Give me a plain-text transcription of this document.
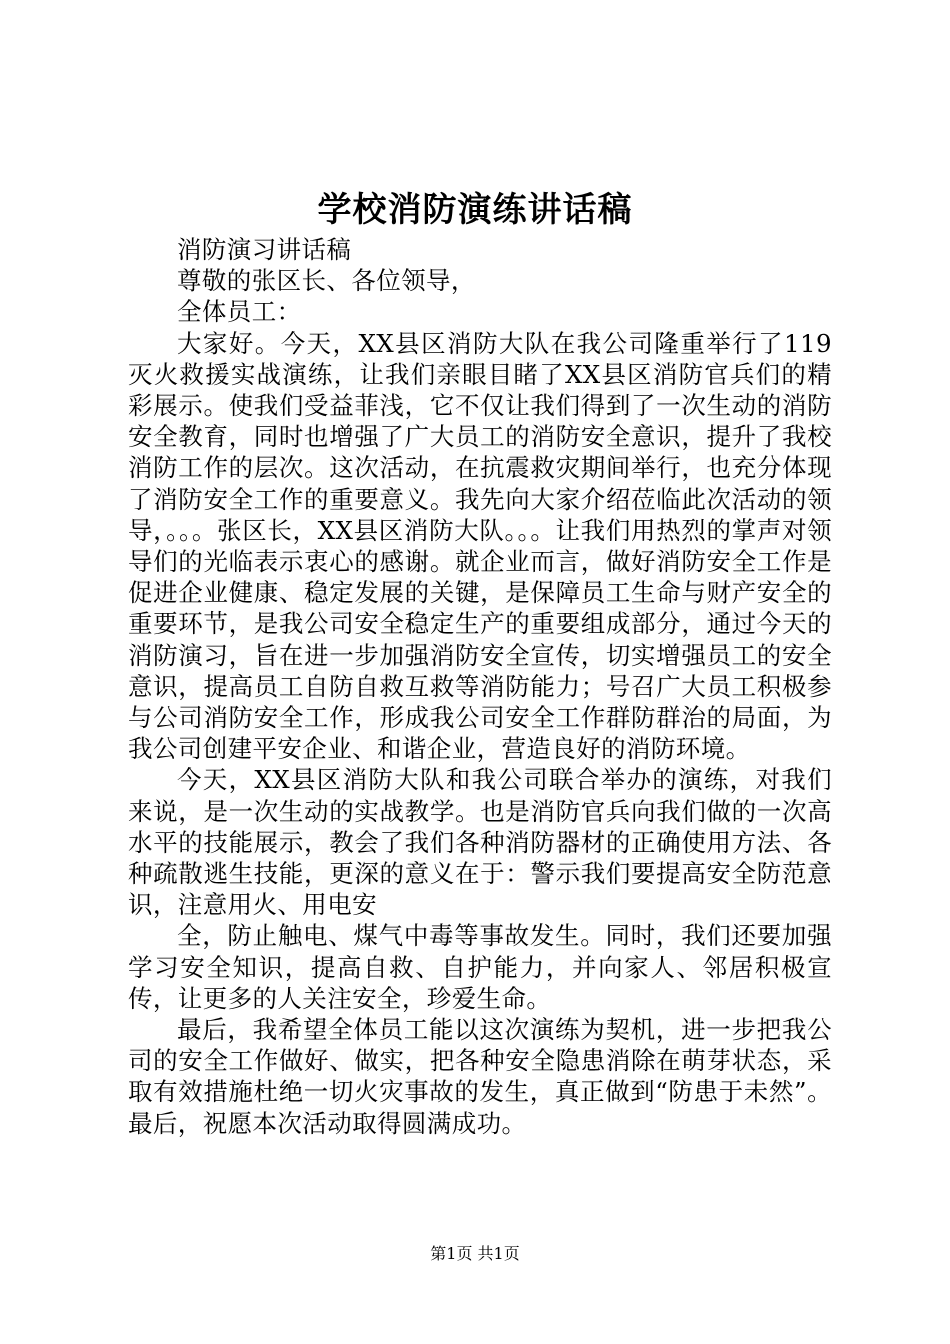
学校消防演练讲话稿

消防演习讲话稿

尊敬的张区长、各位领导，

全体员工：

大家好。今天，XX县区消防大队在我公司隆重举行了119灭火救援实战演练，让我们亲眼目睹了XX县区消防官兵们的精彩展示。使我们受益菲浅，它不仅让我们得到了一次生动的消防安全教育，同时也增强了广大员工的消防安全意识，提升了我校消防工作的层次。这次活动，在抗震救灾期间举行，也充分体现了消防安全工作的重要意义。我先向大家介绍莅临此次活动的领导，。。。张区长，XX县区消防大队。。。让我们用热烈的掌声对领导们的光临表示衷心的感谢。就企业而言，做好消防安全工作是促进企业健康、稳定发展的关键，是保障员工生命与财产安全的重要环节，是我公司安全稳定生产的重要组成部分，通过今天的消防演习，旨在进一步加强消防安全宣传，切实增强员工的安全意识，提高员工自防自救互救等消防能力；号召广大员工积极参与公司消防安全工作，形成我公司安全工作群防群治的局面，为我公司创建平安企业、和谐企业，营造良好的消防环境。

今天，XX县区消防大队和我公司联合举办的演练，对我们来说，是一次生动的实战教学。也是消防官兵向我们做的一次高水平的技能展示，教会了我们各种消防器材的正确使用方法、各种疏散逃生技能，更深的意义在于：警示我们要提高安全防范意识，注意用火、用电安

全，防止触电、煤气中毒等事故发生。同时，我们还要加强学习安全知识，提高自救、自护能力，并向家人、邻居积极宣传，让更多的人关注安全，珍爱生命。

最后，我希望全体员工能以这次演练为契机，进一步把我公司的安全工作做好、做实，把各种安全隐患消除在萌芽状态，采取有效措施杜绝一切火灾事故的发生，真正做到“防患于未然”。最后，祝愿本次活动取得圆满成功。

第1页 共1页
